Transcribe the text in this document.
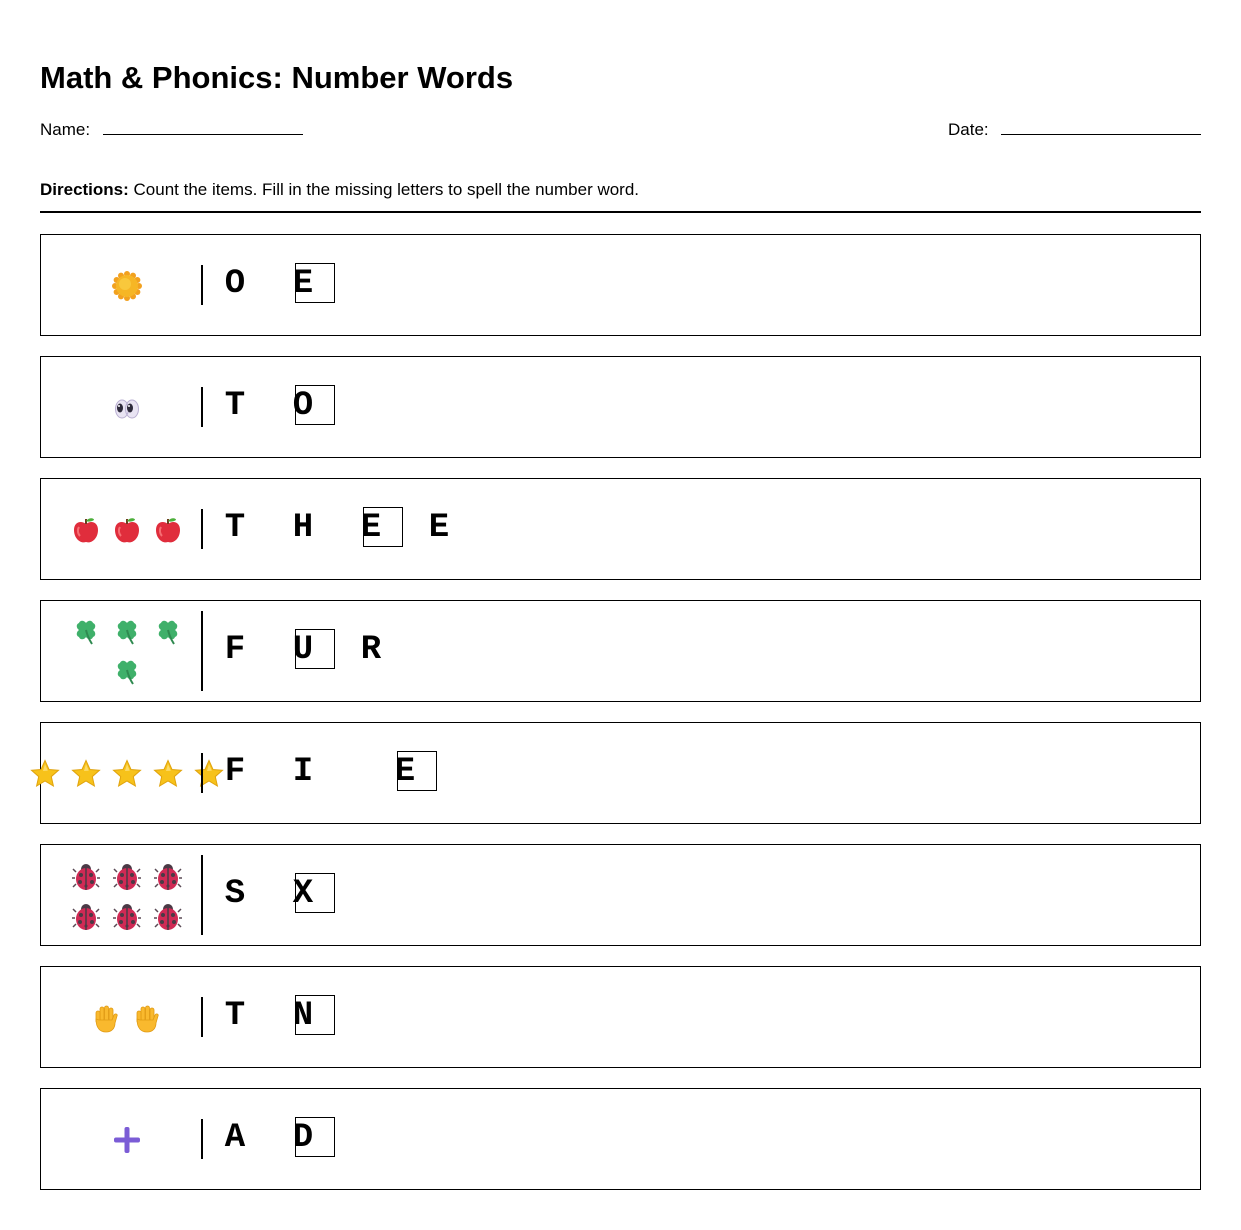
Math & Phonics: Number Words
Name:	Date:
Directions: Count the items. Fill in the missing letters to spell the number word.
O E
T O
T H E E
F U R
F I E
S X
T N
A D
